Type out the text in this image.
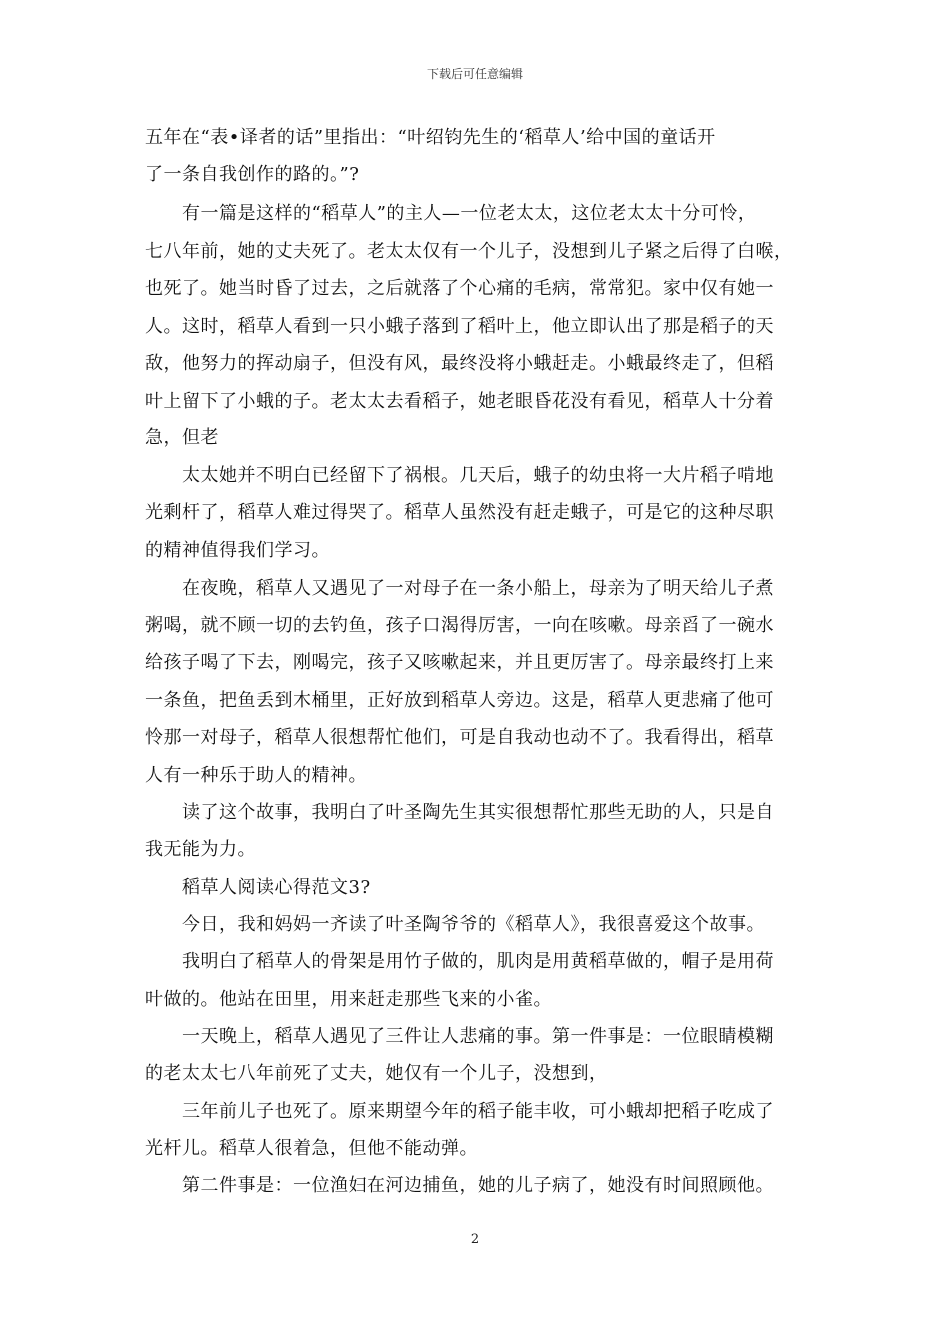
下载后可任意编辑
五年在“表•译者的话”里指出：“叶绍钧先生的‘稻草人’给中国的童话开
了一条自我创作的路的。”?
有一篇是这样的“稻草人”的主人—一位老太太，这位老太太十分可怜，
七八年前，她的丈夫死了。老太太仅有一个儿子，没想到儿子紧之后得了白喉，
也死了。她当时昏了过去，之后就落了个心痛的毛病，常常犯。家中仅有她一
人。这时，稻草人看到一只小蛾子落到了稻叶上，他立即认出了那是稻子的天
敌，他努力的挥动扇子，但没有风，最终没将小蛾赶走。小蛾最终走了，但稻
叶上留下了小蛾的子。老太太去看稻子，她老眼昏花没有看见，稻草人十分着
急，但老
太太她并不明白已经留下了祸根。几天后，蛾子的幼虫将一大片稻子啃地
光剩杆了，稻草人难过得哭了。稻草人虽然没有赶走蛾子，可是它的这种尽职
的精神值得我们学习。
在夜晚，稻草人又遇见了一对母子在一条小船上，母亲为了明天给儿子煮
粥喝，就不顾一切的去钓鱼，孩子口渴得厉害，一向在咳嗽。母亲舀了一碗水
给孩子喝了下去，刚喝完，孩子又咳嗽起来，并且更厉害了。母亲最终打上来
一条鱼，把鱼丢到木桶里，正好放到稻草人旁边。这是，稻草人更悲痛了他可
怜那一对母子，稻草人很想帮忙他们，可是自我动也动不了。我看得出，稻草
人有一种乐于助人的精神。
读了这个故事，我明白了叶圣陶先生其实很想帮忙那些无助的人，只是自
我无能为力。
稻草人阅读心得范文3?
今日，我和妈妈一齐读了叶圣陶爷爷的《稻草人》，我很喜爱这个故事。
我明白了稻草人的骨架是用竹子做的，肌肉是用黄稻草做的，帽子是用荷
叶做的。他站在田里，用来赶走那些飞来的小雀。
一天晚上，稻草人遇见了三件让人悲痛的事。第一件事是：一位眼睛模糊
的老太太七八年前死了丈夫，她仅有一个儿子，没想到，
三年前儿子也死了。原来期望今年的稻子能丰收，可小蛾却把稻子吃成了
光杆儿。稻草人很着急，但他不能动弹。
第二件事是：一位渔妇在河边捕鱼，她的儿子病了，她没有时间照顾他。
2
